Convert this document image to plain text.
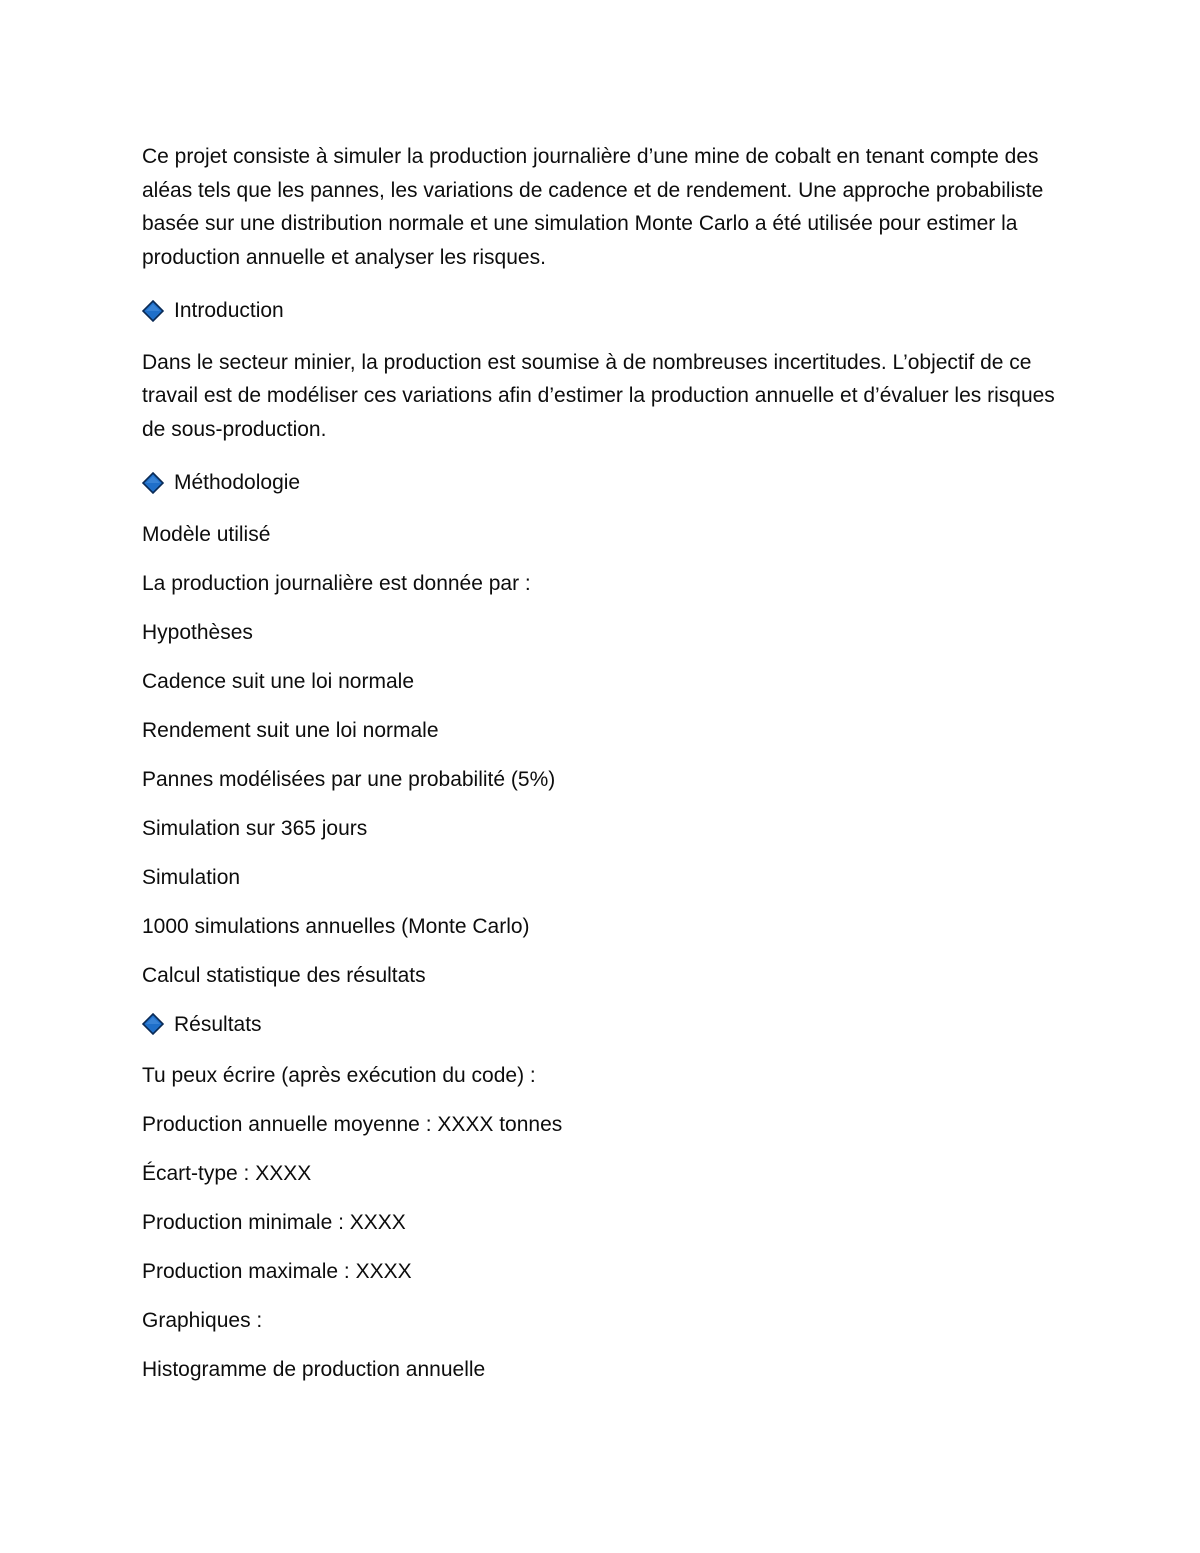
Ce projet consiste à simuler la production journalière d’une mine de cobalt en tenant compte des aléas tels que les pannes, les variations de cadence et de rendement. Une approche probabiliste basée sur une distribution normale et une simulation Monte Carlo a été utilisée pour estimer la production annuelle et analyser les risques.

Introduction

Dans le secteur minier, la production est soumise à de nombreuses incertitudes. L’objectif de ce travail est de modéliser ces variations afin d’estimer la production annuelle et d’évaluer les risques de sous-production.

Méthodologie
Modèle utilisé
La production journalière est donnée par :
Hypothèses
Cadence suit une loi normale
Rendement suit une loi normale
Pannes modélisées par une probabilité (5%)
Simulation sur 365 jours
Simulation
1000 simulations annuelles (Monte Carlo)
Calcul statistique des résultats
Résultats
Tu peux écrire (après exécution du code) :
Production annuelle moyenne : XXXX tonnes
Écart-type : XXXX
Production minimale : XXXX
Production maximale : XXXX
Graphiques :
Histogramme de production annuelle
